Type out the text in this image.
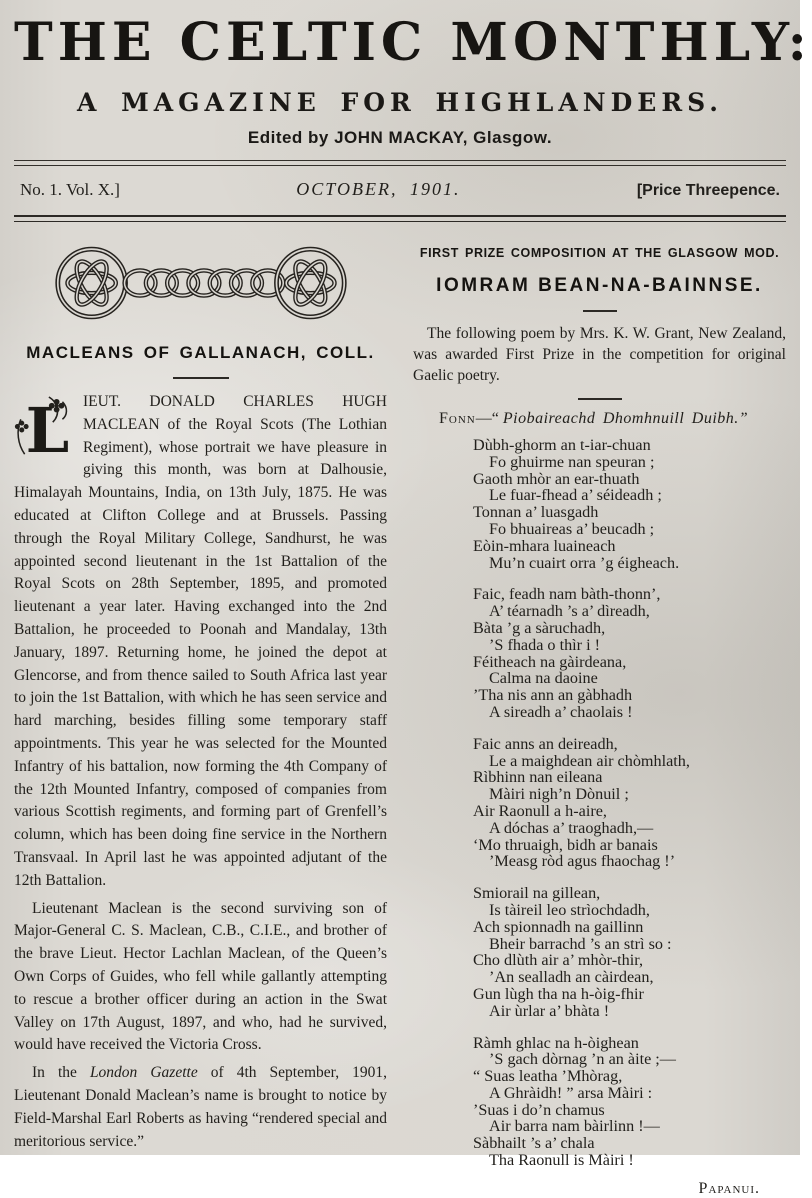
THE CELTIC MONTHLY:
A MAGAZINE FOR HIGHLANDERS.
Edited by JOHN MACKAY, Glasgow.
No. 1. Vol. X.]	OCTOBER, 1901.	[Price Threepence.
MACLEANS OF GALLANACH, COLL.

L IEUT. DONALD CHARLES HUGH MACLEAN of the Royal Scots (The Lothian Regiment), whose portrait we have pleasure in giving this month, was born at Dalhousie, Himalayah Mountains, India, on 13th July, 1875. He was educated at Clifton College and at Brussels. Passing through the Royal Military College, Sandhurst, he was appointed second lieutenant in the 1st Battalion of the Royal Scots on 28th September, 1895, and promoted lieutenant a year later. Having exchanged into the 2nd Battalion, he proceeded to Poonah and Mandalay, 13th January, 1897. Returning home, he joined the depot at Glencorse, and from thence sailed to South Africa last year to join the 1st Battalion, with which he has seen service and hard marching, besides filling some temporary staff appointments. This year he was selected for the Mounted Infantry of his battalion, now forming the 4th Company of the 12th Mounted Infantry, composed of companies from various Scottish regiments, and forming part of Grenfell’s column, which has been doing fine service in the Northern Transvaal. In April last he was appointed adjutant of the 12th Battalion.

Lieutenant Maclean is the second surviving son of Major-General C. S. Maclean, C.B., C.I.E., and brother of the brave Lieut. Hector Lachlan Maclean, of the Queen’s Own Corps of Guides, who fell while gallantly attempting to rescue a brother officer during an action in the Swat Valley on 17th August, 1897, and who, had he survived, would have received the Victoria Cross.

In the London Gazette of 4th September, 1901, Lieutenant Donald Maclean’s name is brought to notice by Field-Marshal Earl Roberts as having “rendered special and meritorious service.”

FIRST PRIZE COMPOSITION AT THE GLASGOW MOD.
IOMRAM BEAN-NA-BAINNSE.
The following poem by Mrs. K. W. Grant, New Zealand, was awarded First Prize in the competition for original Gaelic poetry.
Fonn—“ Piobaireachd Dhomhnuill Duibh.”
Dùbh-ghorm an t-iar-chuan
Fo ghuirme nan speuran ;
Gaoth mhòr an ear-thuath
Le fuar-fhead a’ séideadh ;
Tonnan a’ luasgadh
Fo bhuaireas a’ beucadh ;
Eòin-mhara luaineach
Mu’n cuairt orra ’g éigheach.
Faic, feadh nam bàth-thonn’,
A’ téarnadh ’s a’ dìreadh,
Bàta ’g a sàruchadh,
’S fhada o thìr i !
Féitheach na gàirdeana,
Calma na daoine
’Tha nis ann an gàbhadh
A sireadh a’ chaolais !
Faic anns an deireadh,
Le a maighdean air chòmhlath,
Rìbhinn nan eileana
Màiri nigh’n Dònuil ;
Air Raonull a h-aire,
A dóchas a’ traoghadh,—
‘Mo thruaigh, bidh ar banais
’Measg ròd agus fhaochag !’
Smiorail na gillean,
Is tàireil leo strìochdadh,
Ach spionnadh na gaillinn
Bheir barrachd ’s an strì so :
Cho dlùth air a’ mhòr-thir,
’An sealladh an càirdean,
Gun lùgh tha na h-òig-fhir
Air ùrlar a’ bhàta !
Ràmh ghlac na h-òighean
’S gach dòrnag ’n an àite ;—
“ Suas leatha ’Mhòrag,
A Ghràidh! ” arsa Màiri :
’Suas i do’n chamus
Air barra nam bàirlinn !—
Sàbhailt ’s a’ chala
Tha Raonull is Màiri !
Papanui.
